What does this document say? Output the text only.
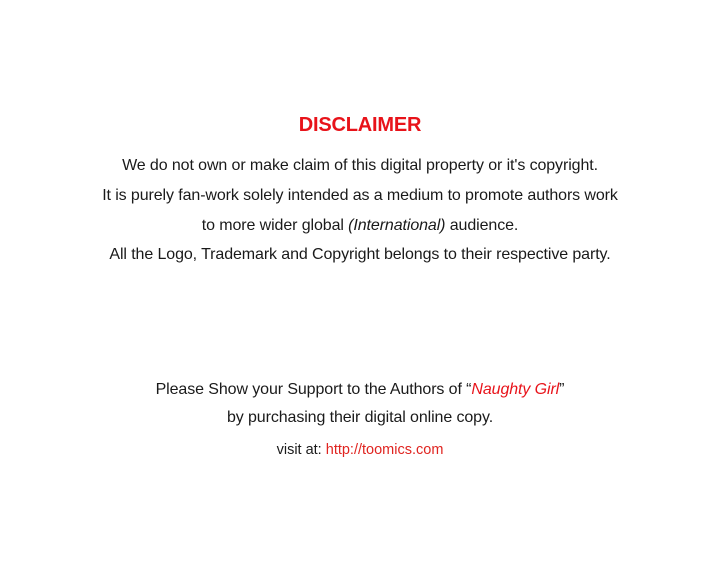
DISCLAIMER
We do not own or make claim of this digital property or it's copyright.
It is purely fan-work solely intended as a medium to promote authors work
to more wider global (International) audience.
All the Logo, Trademark and Copyright belongs to their respective party.
Please Show your Support to the Authors of “Naughty Girl”
by purchasing their digital online copy.
visit at: http://toomics.com
